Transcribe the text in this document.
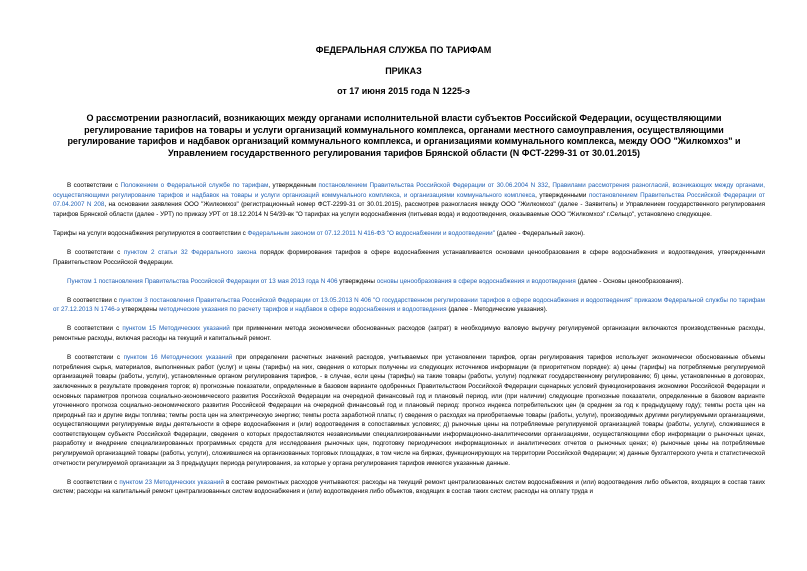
ФЕДЕРАЛЬНАЯ СЛУЖБА ПО ТАРИФАМ
ПРИКАЗ
от 17 июня 2015 года N 1225-э
О рассмотрении разногласий, возникающих между органами исполнительной власти субъектов Российской Федерации, осуществляющими регулирование тарифов на товары и услуги организаций коммунального комплекса, органами местного самоуправления, осуществляющими регулирование тарифов и надбавок организаций коммунального комплекса, и организациями коммунального комплекса, между ООО "Жилкомхоз" и Управлением государственного регулирования тарифов Брянской области (N ФСТ-2299-31 от 30.01.2015)

В соответствии с Положением о Федеральной службе по тарифам, утвержденным постановлением Правительства Российской Федерации от 30.06.2004 N 332, Правилами рассмотрения разногласий, возникающих между органами, осуществляющими регулирование тарифов и надбавок на товары и услуги организаций коммунального комплекса, и организациями коммунального комплекса, утвержденными постановлением Правительства Российской Федерации от 07.04.2007 N 208, на основании заявления ООО "Жилкомхоз" (регистрационный номер ФСТ-2299-31 от 30.01.2015), рассмотрев разногласия между ООО "Жилкомхоз" (далее - Заявитель) и Управлением государственного регулирования тарифов Брянской области (далее - УРТ) по приказу УРТ от 18.12.2014 N 54/39-вк "О тарифах на услуги водоснабжения (питьевая вода) и водоотведения, оказываемые ООО "Жилкомхоз" г.Сельцо", установлено следующее.

Тарифы на услуги водоснабжения регулируются в соответствии с Федеральным законом от 07.12.2011 N 416-ФЗ "О водоснабжении и водоотведении" (далее - Федеральный закон).

В соответствии с пунктом 2 статьи 32 Федерального закона порядок формирования тарифов в сфере водоснабжения устанавливается основами ценообразования в сфере водоснабжения и водоотведения, утвержденными Правительством Российской Федерации.

Пунктом 1 постановления Правительства Российской Федерации от 13 мая 2013 года N 406 утверждены основы ценообразования в сфере водоснабжения и водоотведения (далее - Основы ценообразования).

В соответствии с пунктом 3 постановления Правительства Российской Федерации от 13.05.2013 N 406 "О государственном регулировании тарифов в сфере водоснабжения и водоотведения" приказом Федеральной службы по тарифам от 27.12.2013 N 1746-э утверждены методические указания по расчету тарифов и надбавок в сфере водоснабжения и водоотведения (далее - Методические указания).

В соответствии с пунктом 15 Методических указаний при применении метода экономически обоснованных расходов (затрат) в необходимую валовую выручку регулируемой организации включаются производственные расходы, ремонтные расходы, включая расходы на текущий и капитальный ремонт.

В соответствии с пунктом 16 Методических указаний при определении расчетных значений расходов, учитываемых при установлении тарифов, орган регулирования тарифов использует экономически обоснованные объемы потребления сырья, материалов, выполненных работ (услуг) и цены (тарифы) на них, сведения о которых получены из следующих источников информации (в приоритетном порядке): а) цены (тарифы) на потребляемые регулируемой организацией товары (работы, услуги), установленные органом регулирования тарифов, - в случае, если цены (тарифы) на такие товары (работы, услуги) подлежат государственному регулированию; б) цены, установленные в договорах, заключенных в результате проведения торгов; в) прогнозные показатели, определенные в базовом варианте одобренных Правительством Российской Федерации сценарных условий функционирования экономики Российской Федерации и основных параметров прогноза социально-экономического развития Российской Федерации на очередной финансовый год и плановый период, или (при наличии) следующие прогнозные показатели, определенные в базовом варианте уточненного прогноза социально-экономического развития Российской Федерации на очередной финансовый год и плановый период: прогноз индекса потребительских цен (в среднем за год к предыдущему году); темпы роста цен на природный газ и другие виды топлива; темпы роста цен на электрическую энергию; темпы роста заработной платы; г) сведения о расходах на приобретаемые товары (работы, услуги), производимых другими регулируемыми организациями, осуществляющими регулируемые виды деятельности в сфере водоснабжения и (или) водоотведения в сопоставимых условиях; д) рыночные цены на потребляемые регулируемой организацией товары (работы, услуги), сложившиеся в соответствующем субъекте Российской Федерации, сведения о которых предоставляются независимыми специализированными информационно-аналитическими организациями, осуществляющими сбор информации о рыночных ценах, разработку и внедрение специализированных программных средств для исследования рыночных цен, подготовку периодических информационных и аналитических отчетов о рыночных ценах; е) рыночные цены на потребляемые регулируемой организацией товары (работы, услуги), сложившиеся на организованных торговых площадках, в том числе на биржах, функционирующих на территории Российской Федерации; ж) данные бухгалтерского учета и статистической отчетности регулируемой организации за 3 предыдущих периода регулирования, за которые у органа регулирования тарифов имеются указанные данные.

В соответствии с пунктом 23 Методических указаний в составе ремонтных расходов учитываются: расходы на текущий ремонт централизованных систем водоснабжения и (или) водоотведения либо объектов, входящих в состав таких систем; расходы на капитальный ремонт централизованных систем водоснабжения и (или) водоотведения либо объектов, входящих в состав таких систем; расходы на оплату труда и
